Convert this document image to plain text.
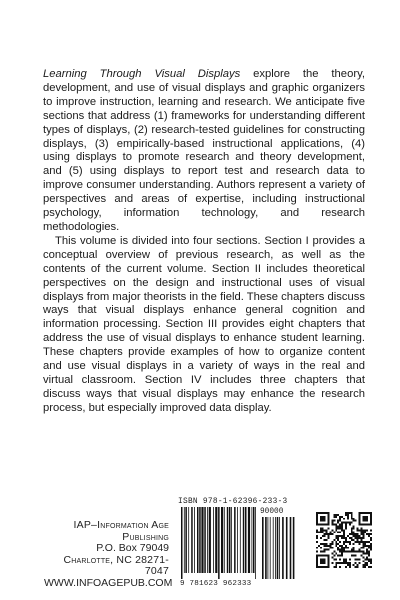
Learning Through Visual Displays explore the theory, development, and use of visual displays and graphic organizers to improve instruction, learning and research. We anticipate five sections that address (1) frameworks for understanding different types of displays, (2) research-tested guidelines for constructing displays, (3) empirically-based instructional applications, (4) using displays to promote research and theory development, and (5) using displays to report test and research data to improve consumer understanding. Authors represent a variety of perspectives and areas of expertise, including instructional psychology, information technology, and research methodologies.

This volume is divided into four sections. Section I provides a conceptual overview of previous research, as well as the contents of the current volume. Section II includes theoretical perspectives on the design and instructional uses of visual displays from major theorists in the field. These chapters discuss ways that visual displays enhance general cognition and information processing. Section III provides eight chapters that address the use of visual displays to enhance student learning. These chapters provide examples of how to organize content and use visual displays in a variety of ways in the real and virtual classroom. Section IV includes three chapters that discuss ways that visual displays may enhance the research process, but especially improved data display.

IAP–Information Age Publishing
P.O. Box 79049
Charlotte, NC 28271-7047
WWW.INFOAGEPUB.COM
ISBN 978-1-62396-233-3
90000
9 781623 962333
